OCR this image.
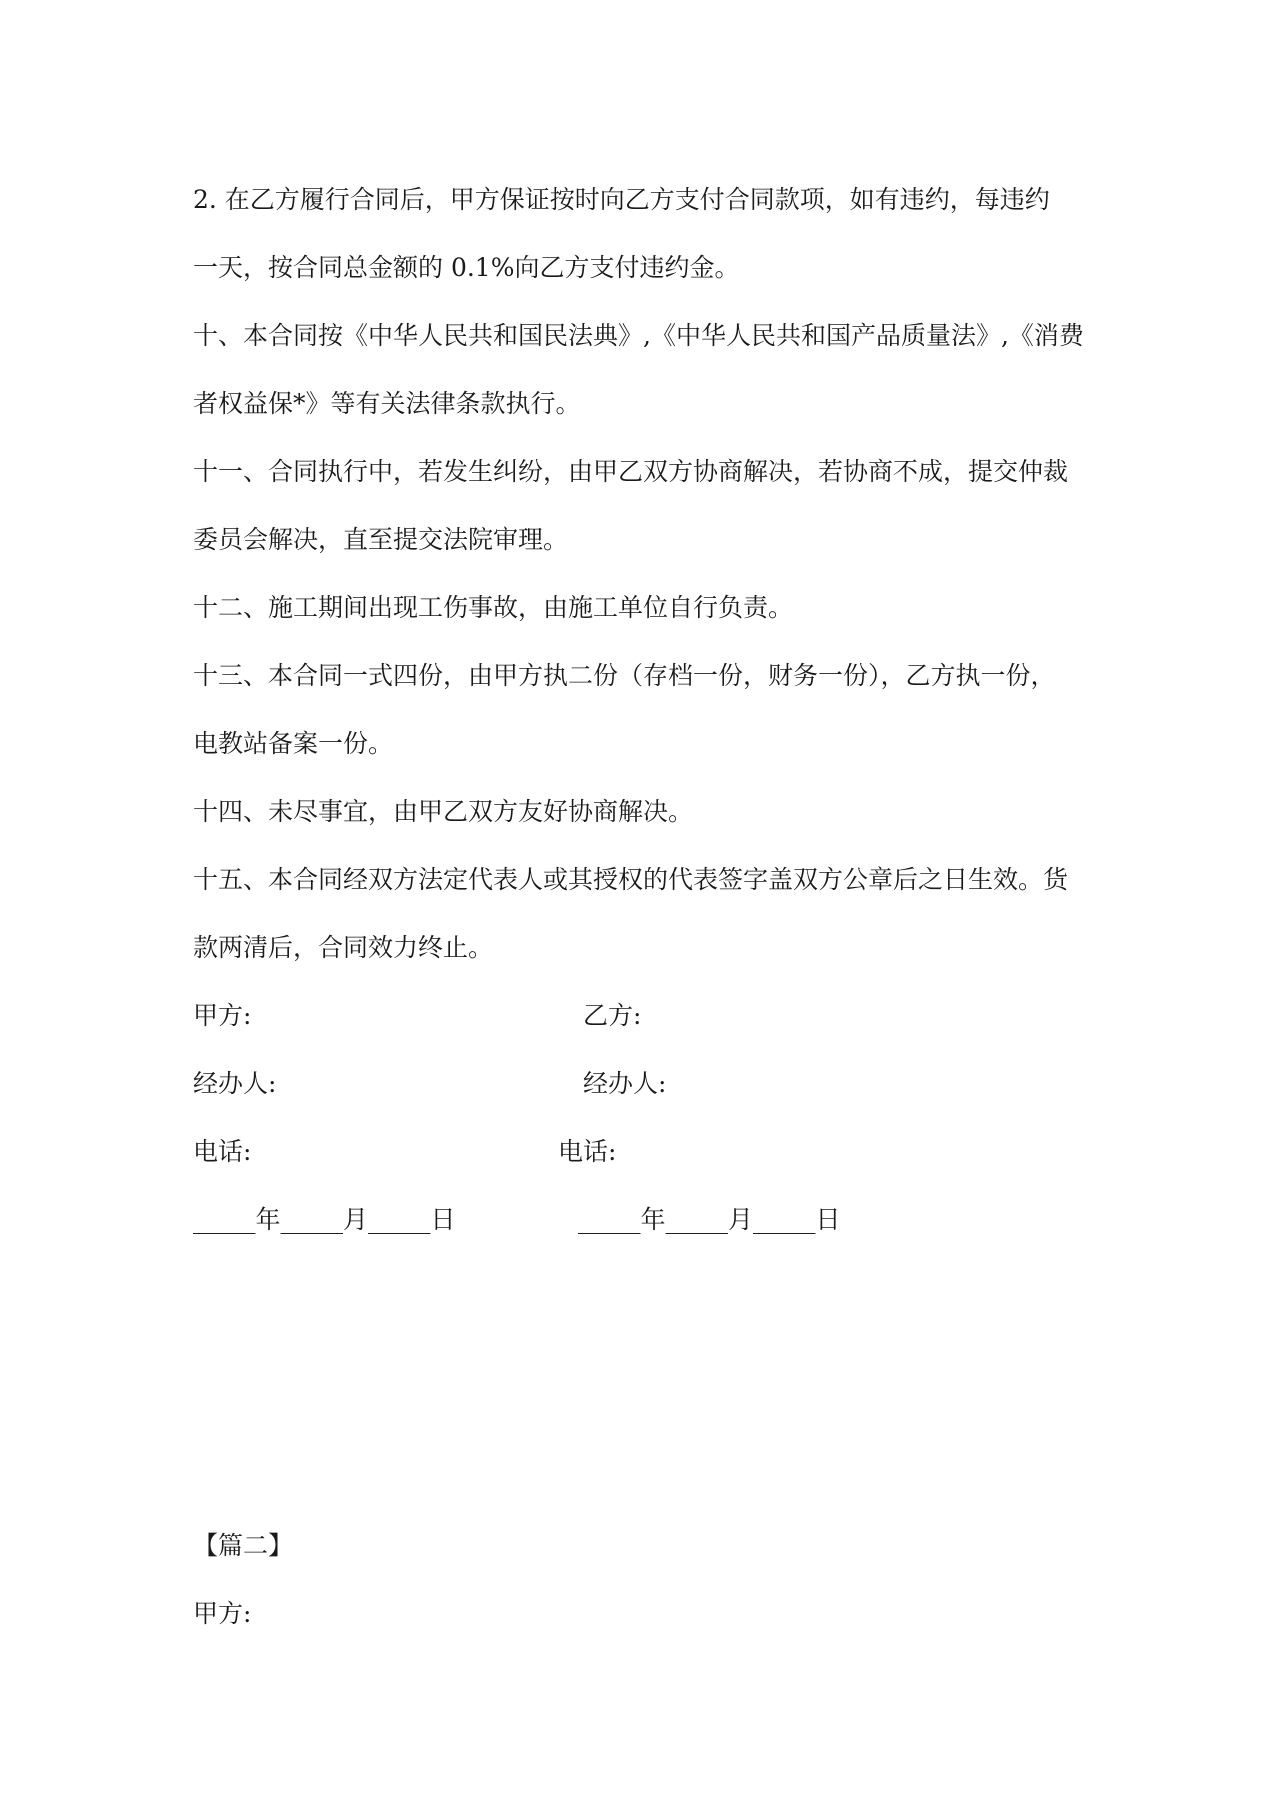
2. 在乙方履行合同后，甲方保证按时向乙方支付合同款项，如有违约，每违约
一天，按合同总金额的 0.1%向乙方支付违约金。
十、本合同按《中华人民共和国民法典》,《中华人民共和国产品质量法》,《消费
者权益保*》等有关法律条款执行。
十一、合同执行中，若发生纠纷，由甲乙双方协商解决，若协商不成，提交仲裁
委员会解决，直至提交法院审理。
十二、施工期间出现工伤事故，由施工单位自行负责。
十三、本合同一式四份，由甲方执二份（存档一份，财务一份），乙方执一份，
电教站备案一份。
十四、未尽事宜，由甲乙双方友好协商解决。
十五、本合同经双方法定代表人或其授权的代表签字盖双方公章后之日生效。货
款两清后，合同效力终止。
甲方:	乙方:
经办人:	经办人:
电话:	电话:
_____年_____月_____日	_____年_____月_____日
【篇二】
甲方:
